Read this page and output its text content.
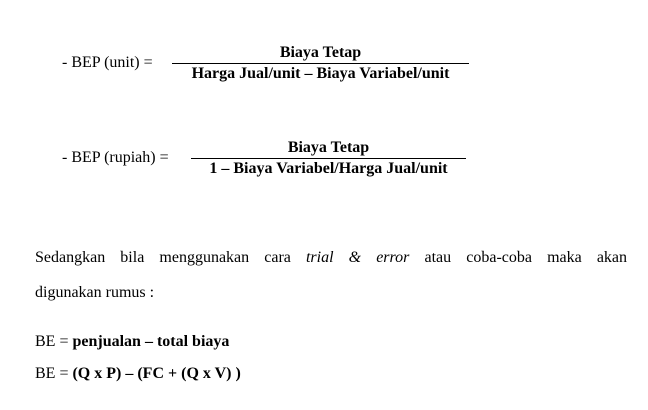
- BEP (unit) =
Biaya Tetap
Harga Jual/unit – Biaya Variabel/unit
- BEP (rupiah) =
Biaya Tetap
1 – Biaya Variabel/Harga Jual/unit
Sedangkan bila menggunakan cara trial & error atau coba-coba maka akan
digunakan rumus :
BE = penjualan – total biaya
BE = (Q x P) – (FC + (Q x V) )
